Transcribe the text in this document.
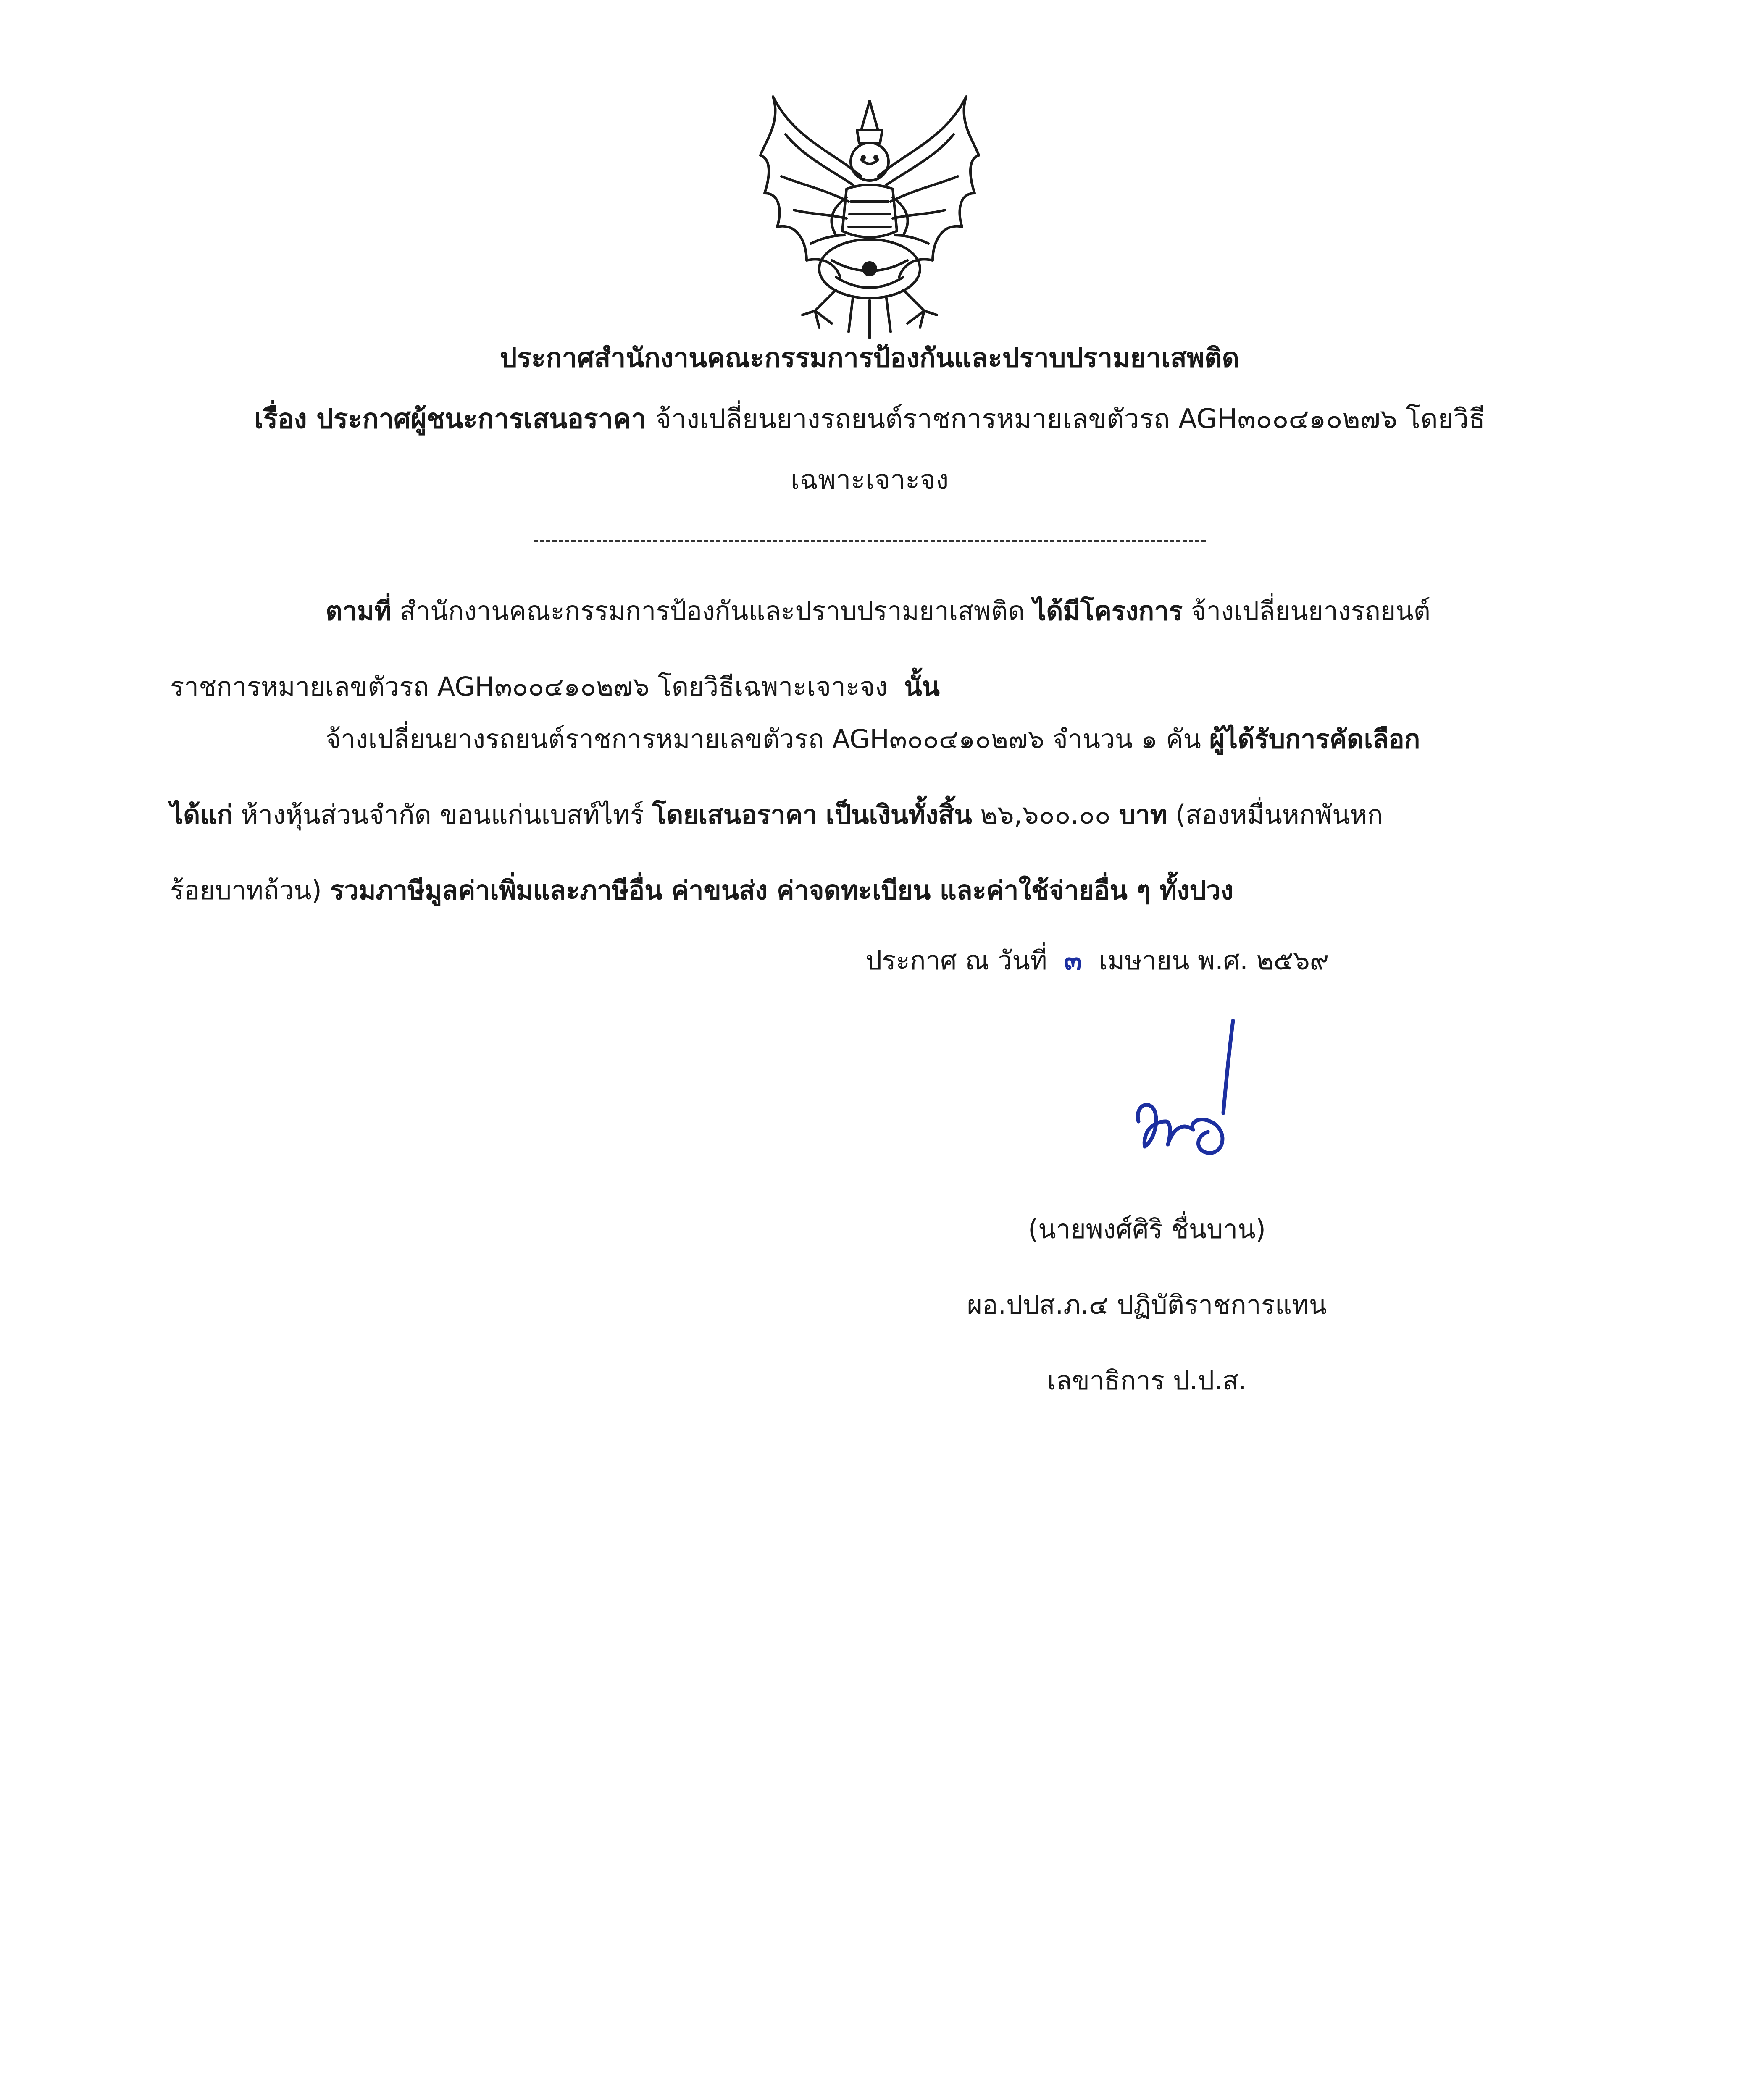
ประกาศสำนักงานคณะกรรมการป้องกันและปราบปรามยาเสพติด
เรื่อง ประกาศผู้ชนะการเสนอราคา จ้างเปลี่ยนยางรถยนต์ราชการหมายเลขตัวรถ AGH๓๐๐๔๑๐๒๗๖ โดยวิธี
เฉพาะเจาะจง
ตามที่ สำนักงานคณะกรรมการป้องกันและปราบปรามยาเสพติด ได้มีโครงการ จ้างเปลี่ยนยางรถยนต์
ราชการหมายเลขตัวรถ AGH๓๐๐๔๑๐๒๗๖ โดยวิธีเฉพาะเจาะจง นั้น
จ้างเปลี่ยนยางรถยนต์ราชการหมายเลขตัวรถ AGH๓๐๐๔๑๐๒๗๖ จำนวน ๑ คัน ผู้ได้รับการคัดเลือก
ได้แก่ ห้างหุ้นส่วนจำกัด ขอนแก่นเบสท์ไทร์ โดยเสนอราคา เป็นเงินทั้งสิ้น ๒๖,๖๐๐.๐๐ บาท (สองหมื่นหกพันหก
ร้อยบาทถ้วน) รวมภาษีมูลค่าเพิ่มและภาษีอื่น ค่าขนส่ง ค่าจดทะเบียน และค่าใช้จ่ายอื่น ๆ ทั้งปวง
ประกาศ ณ วันที่ ๓ เมษายน พ.ศ. ๒๕๖๙
(นายพงศ์ศิริ ชื่นบาน)
ผอ.ปปส.ภ.๔ ปฏิบัติราชการแทน
เลขาธิการ ป.ป.ส.
